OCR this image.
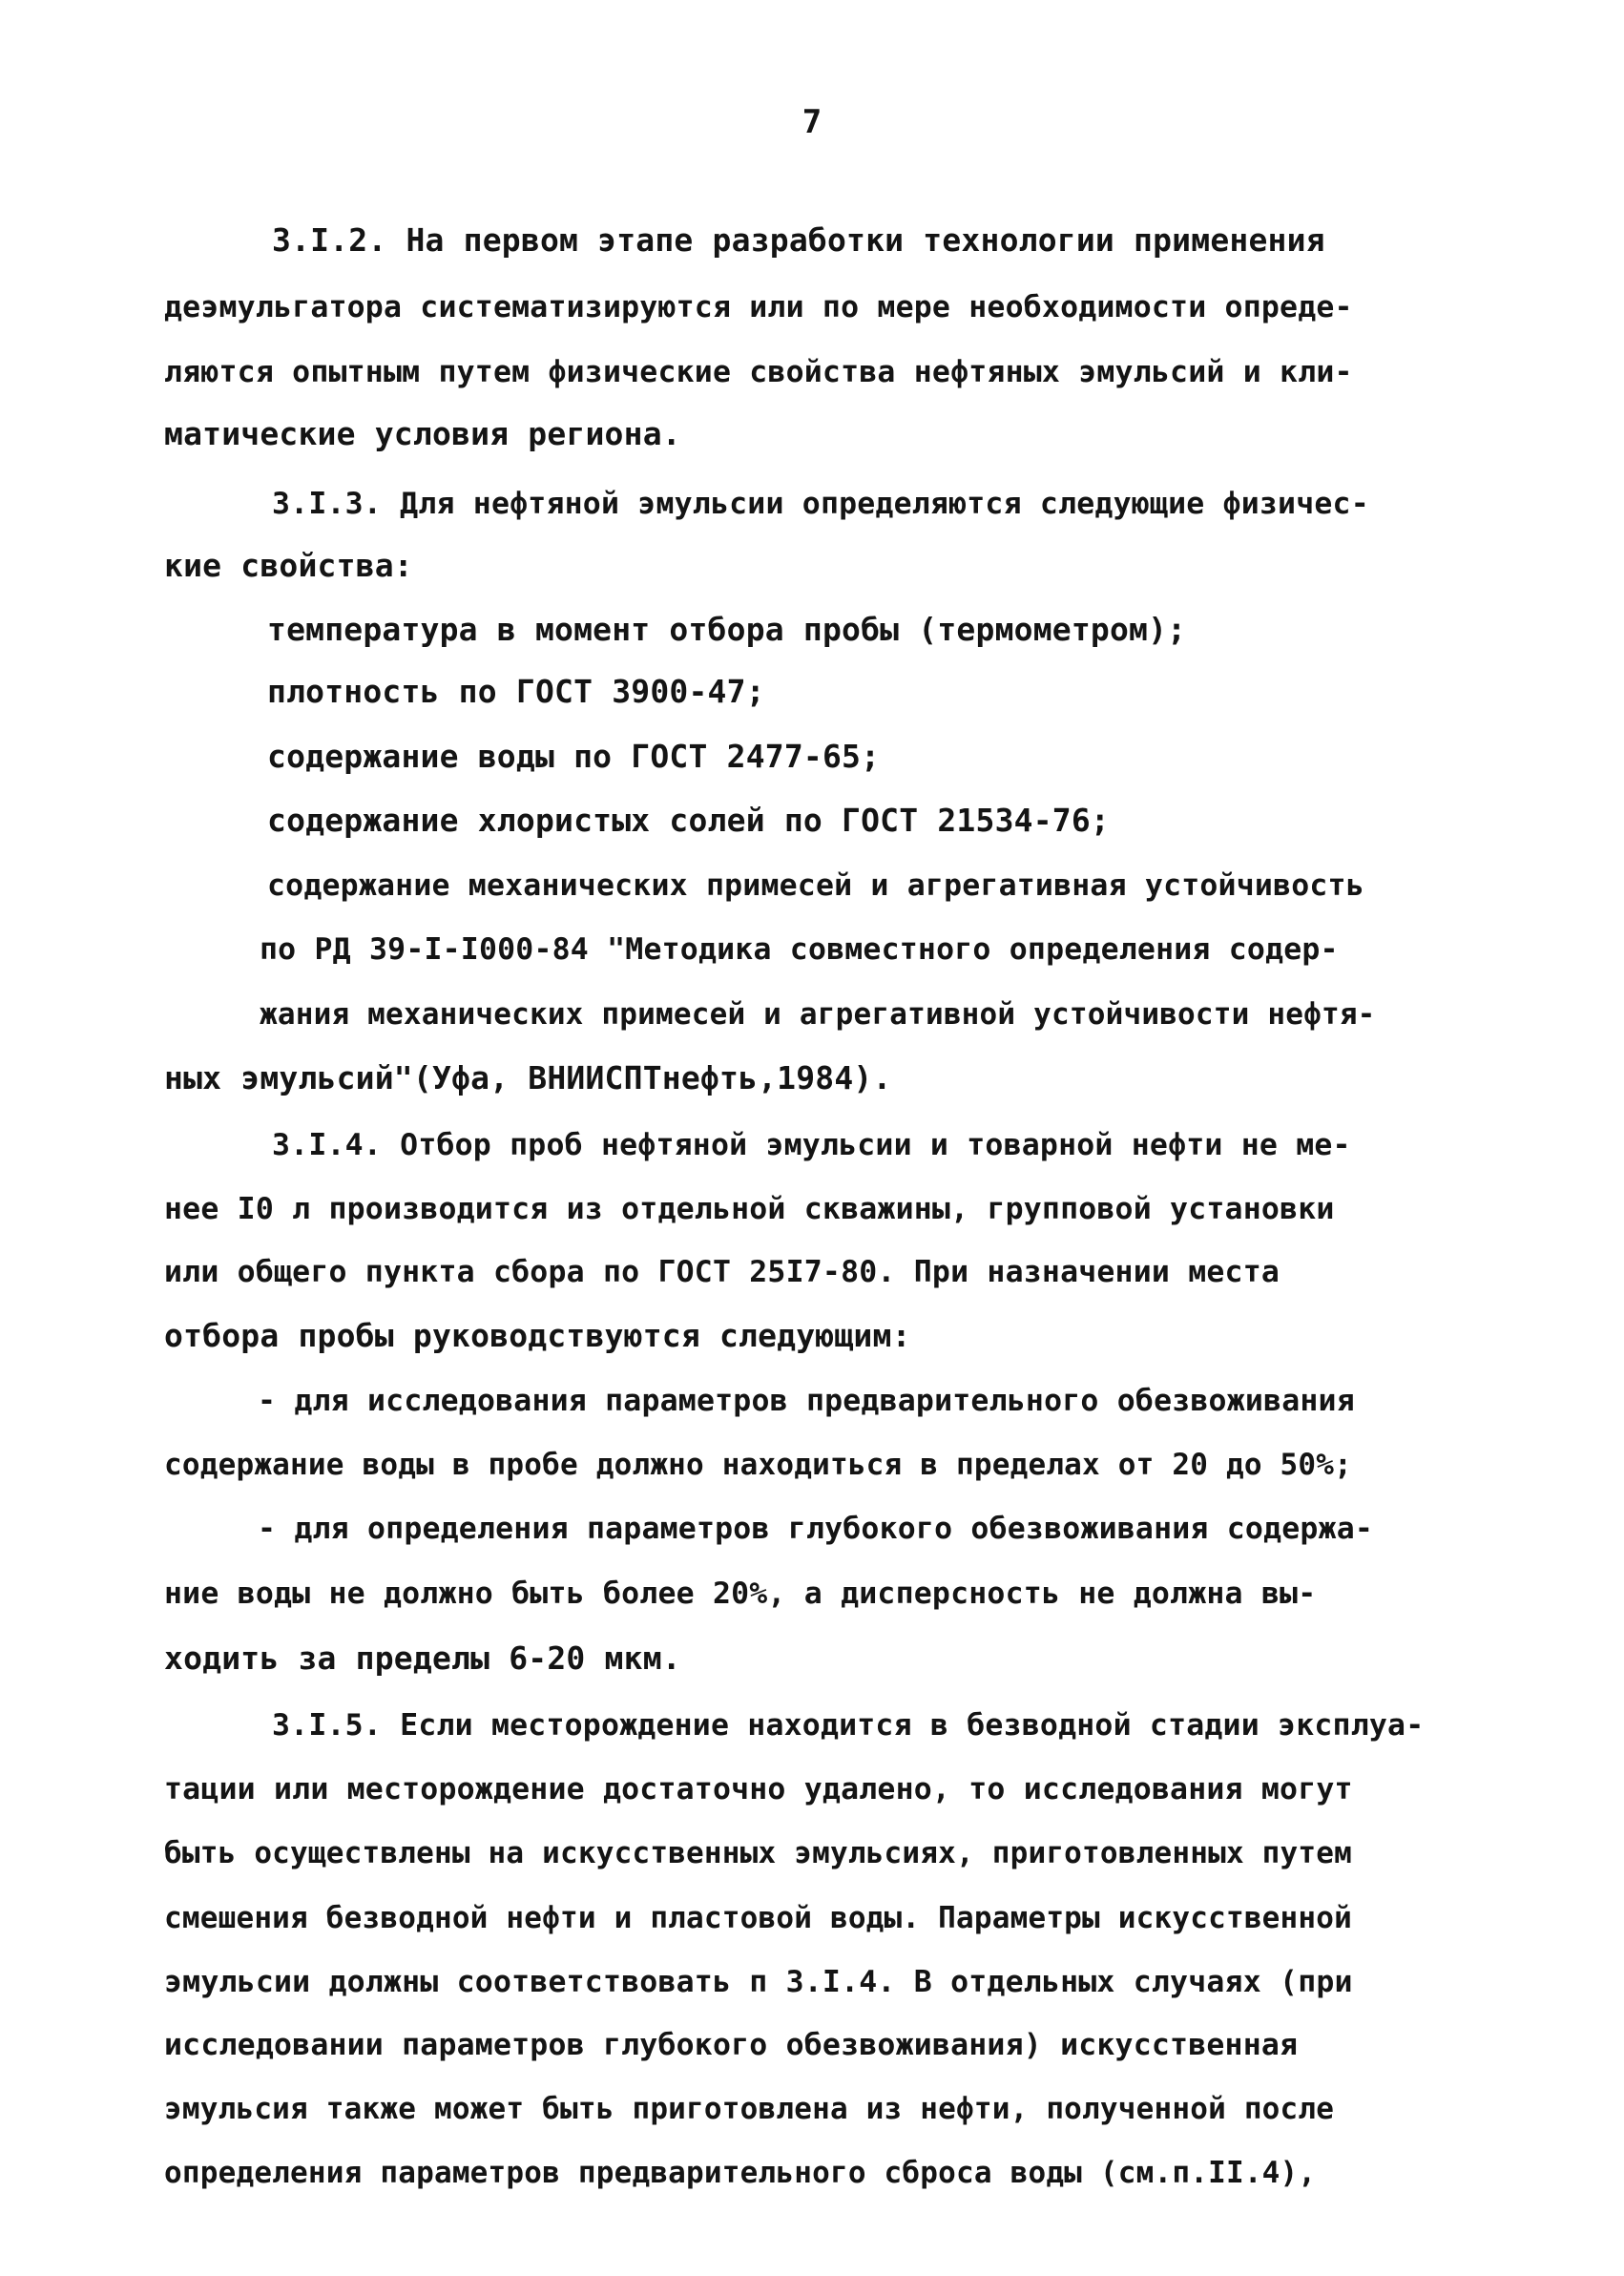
7
3.I.2. На первом этапе разработки технологии применения
деэмульгатора систематизируются или по мере необходимости опреде-
ляются опытным путем физические свойства нефтяных эмульсий и кли-
матические условия региона.
3.I.3. Для нефтяной эмульсии определяются следующие физичес-
кие свойства:
температура в момент отбора пробы (термометром);
плотность по ГОСТ 3900-47;
содержание воды по ГОСТ 2477-65;
содержание хлористых солей по ГОСТ 21534-76;
содержание механических примесей и агрегативная устойчивость
по РД 39-I-I000-84 "Методика совместного определения содер-
жания механических примесей и агрегативной устойчивости нефтя-
ных эмульсий"(Уфа, ВНИИСПТнефть,1984).
3.I.4. Отбор проб нефтяной эмульсии и товарной нефти не ме-
нее I0 л производится из отдельной скважины, групповой установки
или общего пункта сбора по ГОСТ 25I7-80. При назначении места
отбора пробы руководствуются следующим:
- для исследования параметров предварительного обезвоживания
содержание воды в пробе должно находиться в пределах от 20 до 50%;
- для определения параметров глубокого обезвоживания содержа-
ние воды не должно быть более 20%, а дисперсность не должна вы-
ходить за пределы 6-20 мкм.
3.I.5. Если месторождение находится в безводной стадии эксплуа-
тации или месторождение достаточно удалено, то исследования могут
быть осуществлены на искусственных эмульсиях, приготовленных путем
смешения безводной нефти и пластовой воды. Параметры искусственной
эмульсии должны соответствовать п 3.I.4. В отдельных случаях (при
исследовании параметров глубокого обезвоживания) искусственная
эмульсия также может быть приготовлена из нефти, полученной после
определения параметров предварительного сброса воды (см.п.II.4),
